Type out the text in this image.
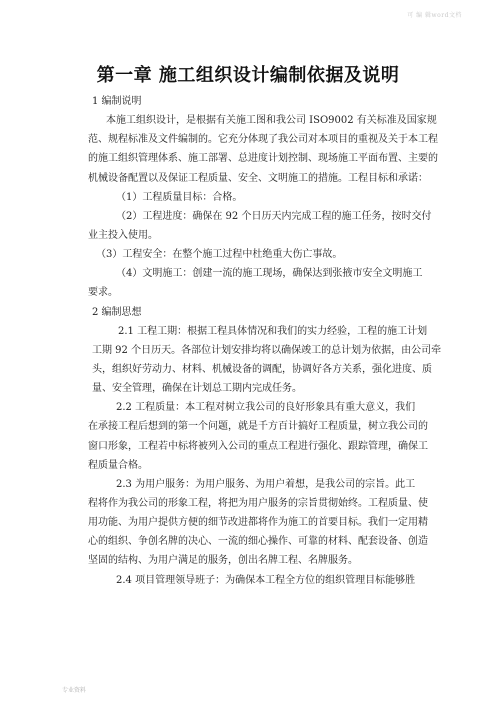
可 编 辑word文档
第一章 施工组织设计编制依据及说明
1 编制说明
本施工组织设计，是根据有关施工图和我公司 ISO9002 有关标准及国家规
范、规程标准及文件编制的。它充分体现了我公司对本项目的重视及关于本工程
的施工组织管理体系、施工部署、总进度计划控制、现场施工平面布置、主要的
机械设备配置以及保证工程质量、安全、文明施工的措施。工程目标和承诺：
（1）工程质量目标：合格。
（2）工程进度：确保在 92 个日历天内完成工程的施工任务，按时交付
业主投入使用。
（3）工程安全：在整个施工过程中杜绝重大伤亡事故。
（4）文明施工：创建一流的施工现场，确保达到张掖市安全文明施工
要求。
2 编制思想
2.1 工程工期：根据工程具体情况和我们的实力经验，工程的施工计划
工期 92 个日历天。各部位计划安排均将以确保竣工的总计划为依据，由公司牵
头，组织好劳动力、材料、机械设备的调配，协调好各方关系，强化进度、质
量、安全管理，确保在计划总工期内完成任务。
2.2 工程质量：本工程对树立我公司的良好形象具有重大意义，我们
在承接工程后想到的第一个问题，就是千方百计搞好工程质量，树立我公司的
窗口形象，工程若中标将被列入公司的重点工程进行强化、跟踪管理，确保工
程质量合格。
2.3 为用户服务：为用户服务、为用户着想，是我公司的宗旨。此工
程将作为我公司的形象工程，将把为用户服务的宗旨贯彻始终。工程质量、使
用功能、为用户提供方便的细节改进都将作为施工的首要目标。我们一定用精
心的组织、争创名牌的决心、一流的细心操作、可靠的材料、配套设备、创造
坚固的结构、为用户满足的服务，创出名牌工程、名牌服务。
2.4 项目管理领导班子：为确保本工程全方位的组织管理目标能够胜
专业资料
